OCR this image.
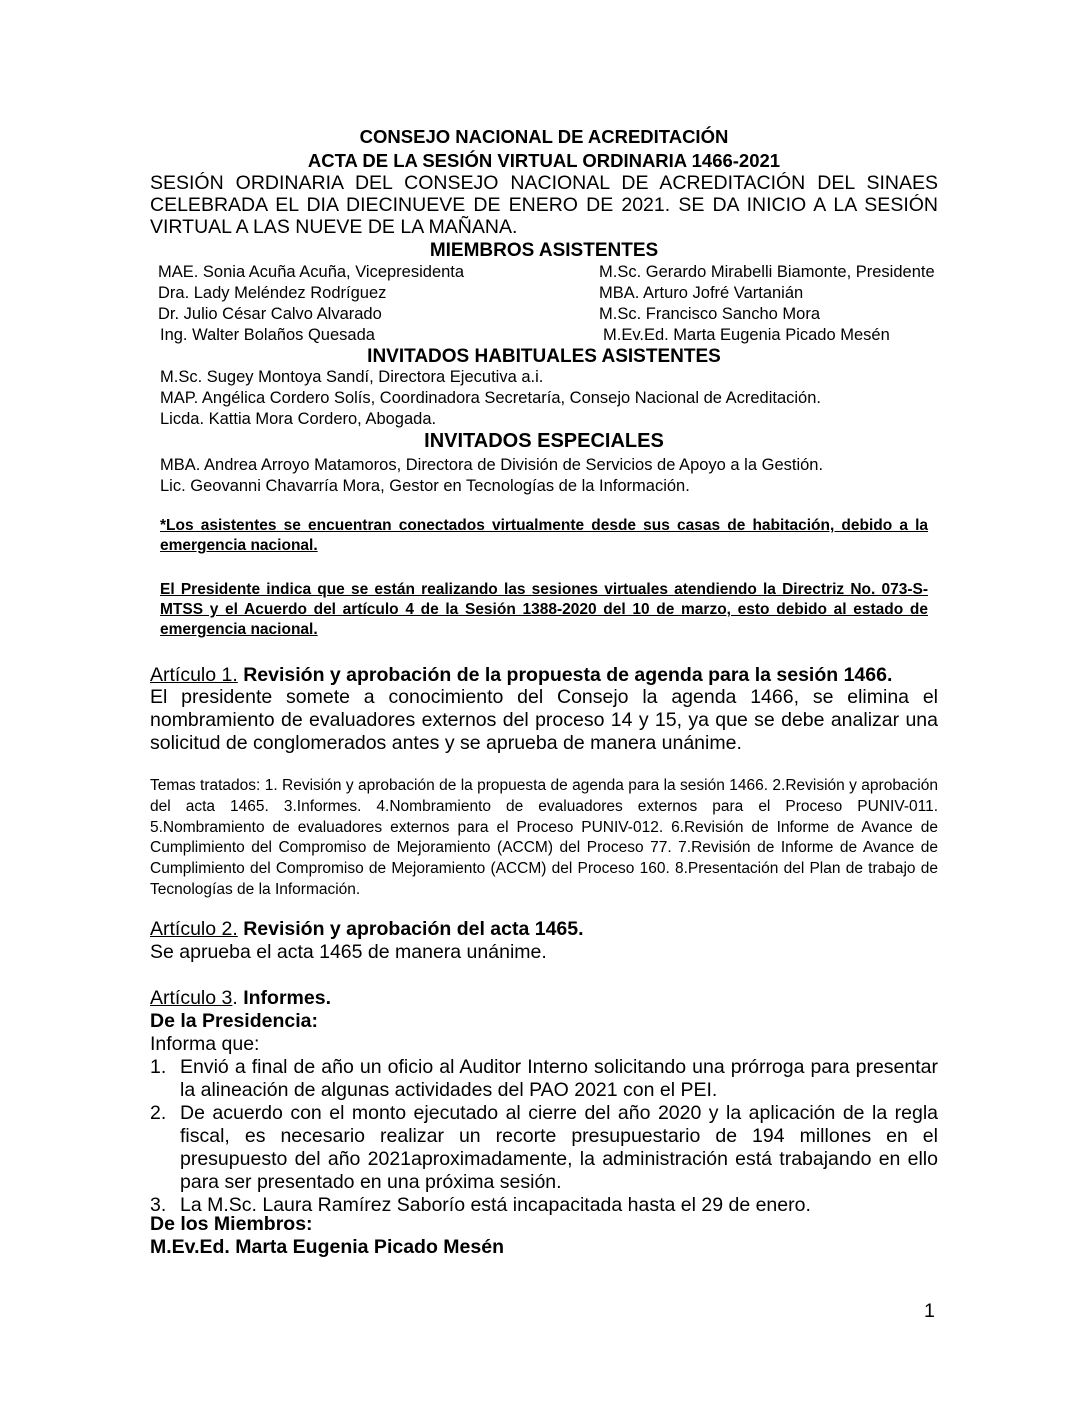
CONSEJO NACIONAL DE ACREDITACIÓN
ACTA DE LA SESIÓN VIRTUAL ORDINARIA 1466-2021
SESIÓN ORDINARIA DEL CONSEJO NACIONAL DE ACREDITACIÓN DEL SINAES CELEBRADA EL DIA DIECINUEVE DE ENERO DE 2021. SE DA INICIO A LA SESIÓN VIRTUAL A LAS NUEVE DE LA MAÑANA.
MIEMBROS ASISTENTES
MAE. Sonia Acuña Acuña, Vicepresidenta
Dra. Lady Meléndez Rodríguez
Dr. Julio César Calvo Alvarado
Ing. Walter Bolaños Quesada
M.Sc. Gerardo Mirabelli Biamonte, Presidente
MBA. Arturo Jofré Vartanián
M.Sc. Francisco Sancho Mora
M.Ev.Ed. Marta Eugenia Picado Mesén
INVITADOS HABITUALES ASISTENTES
M.Sc. Sugey Montoya Sandí, Directora Ejecutiva a.i.
MAP. Angélica Cordero Solís, Coordinadora Secretaría, Consejo Nacional de Acreditación.
Licda. Kattia Mora Cordero, Abogada.
INVITADOS ESPECIALES
MBA. Andrea Arroyo Matamoros, Directora de División de Servicios de Apoyo a la Gestión.
Lic. Geovanni Chavarría Mora, Gestor en Tecnologías de la Información.
*Los asistentes se encuentran conectados virtualmente desde sus casas de habitación, debido a la emergencia nacional.
El Presidente indica que se están realizando las sesiones virtuales atendiendo la Directriz No. 073-S-MTSS y el Acuerdo del artículo 4 de la Sesión 1388-2020 del 10 de marzo, esto debido al estado de emergencia nacional.
Artículo 1. Revisión y aprobación de la propuesta de agenda para la sesión 1466.
El presidente somete a conocimiento del Consejo la agenda 1466, se elimina el nombramiento de evaluadores externos del proceso 14 y 15, ya que se debe analizar una solicitud de conglomerados antes y se aprueba de manera unánime.
Temas tratados: 1. Revisión y aprobación de la propuesta de agenda para la sesión 1466. 2.Revisión y aprobación del acta 1465. 3.Informes. 4.Nombramiento de evaluadores externos para el Proceso PUNIV-011. 5.Nombramiento de evaluadores externos para el Proceso PUNIV-012. 6.Revisión de Informe de Avance de Cumplimiento del Compromiso de Mejoramiento (ACCM) del Proceso 77. 7.Revisión de Informe de Avance de Cumplimiento del Compromiso de Mejoramiento (ACCM) del Proceso 160. 8.Presentación del Plan de trabajo de Tecnologías de la Información.
Artículo 2. Revisión y aprobación del acta 1465.
Se aprueba el acta 1465 de manera unánime.
Artículo 3. Informes.
De la Presidencia:
Informa que:
1. Envió a final de año un oficio al Auditor Interno solicitando una prórroga para presentar la alineación de algunas actividades del PAO 2021 con el PEI.
2. De acuerdo con el monto ejecutado al cierre del año 2020 y la aplicación de la regla fiscal, es necesario realizar un recorte presupuestario de 194 millones en el presupuesto del año 2021aproximadamente, la administración está trabajando en ello para ser presentado en una próxima sesión.
3. La M.Sc. Laura Ramírez Saborío está incapacitada hasta el 29 de enero.
De los Miembros:
M.Ev.Ed. Marta Eugenia Picado Mesén
1
